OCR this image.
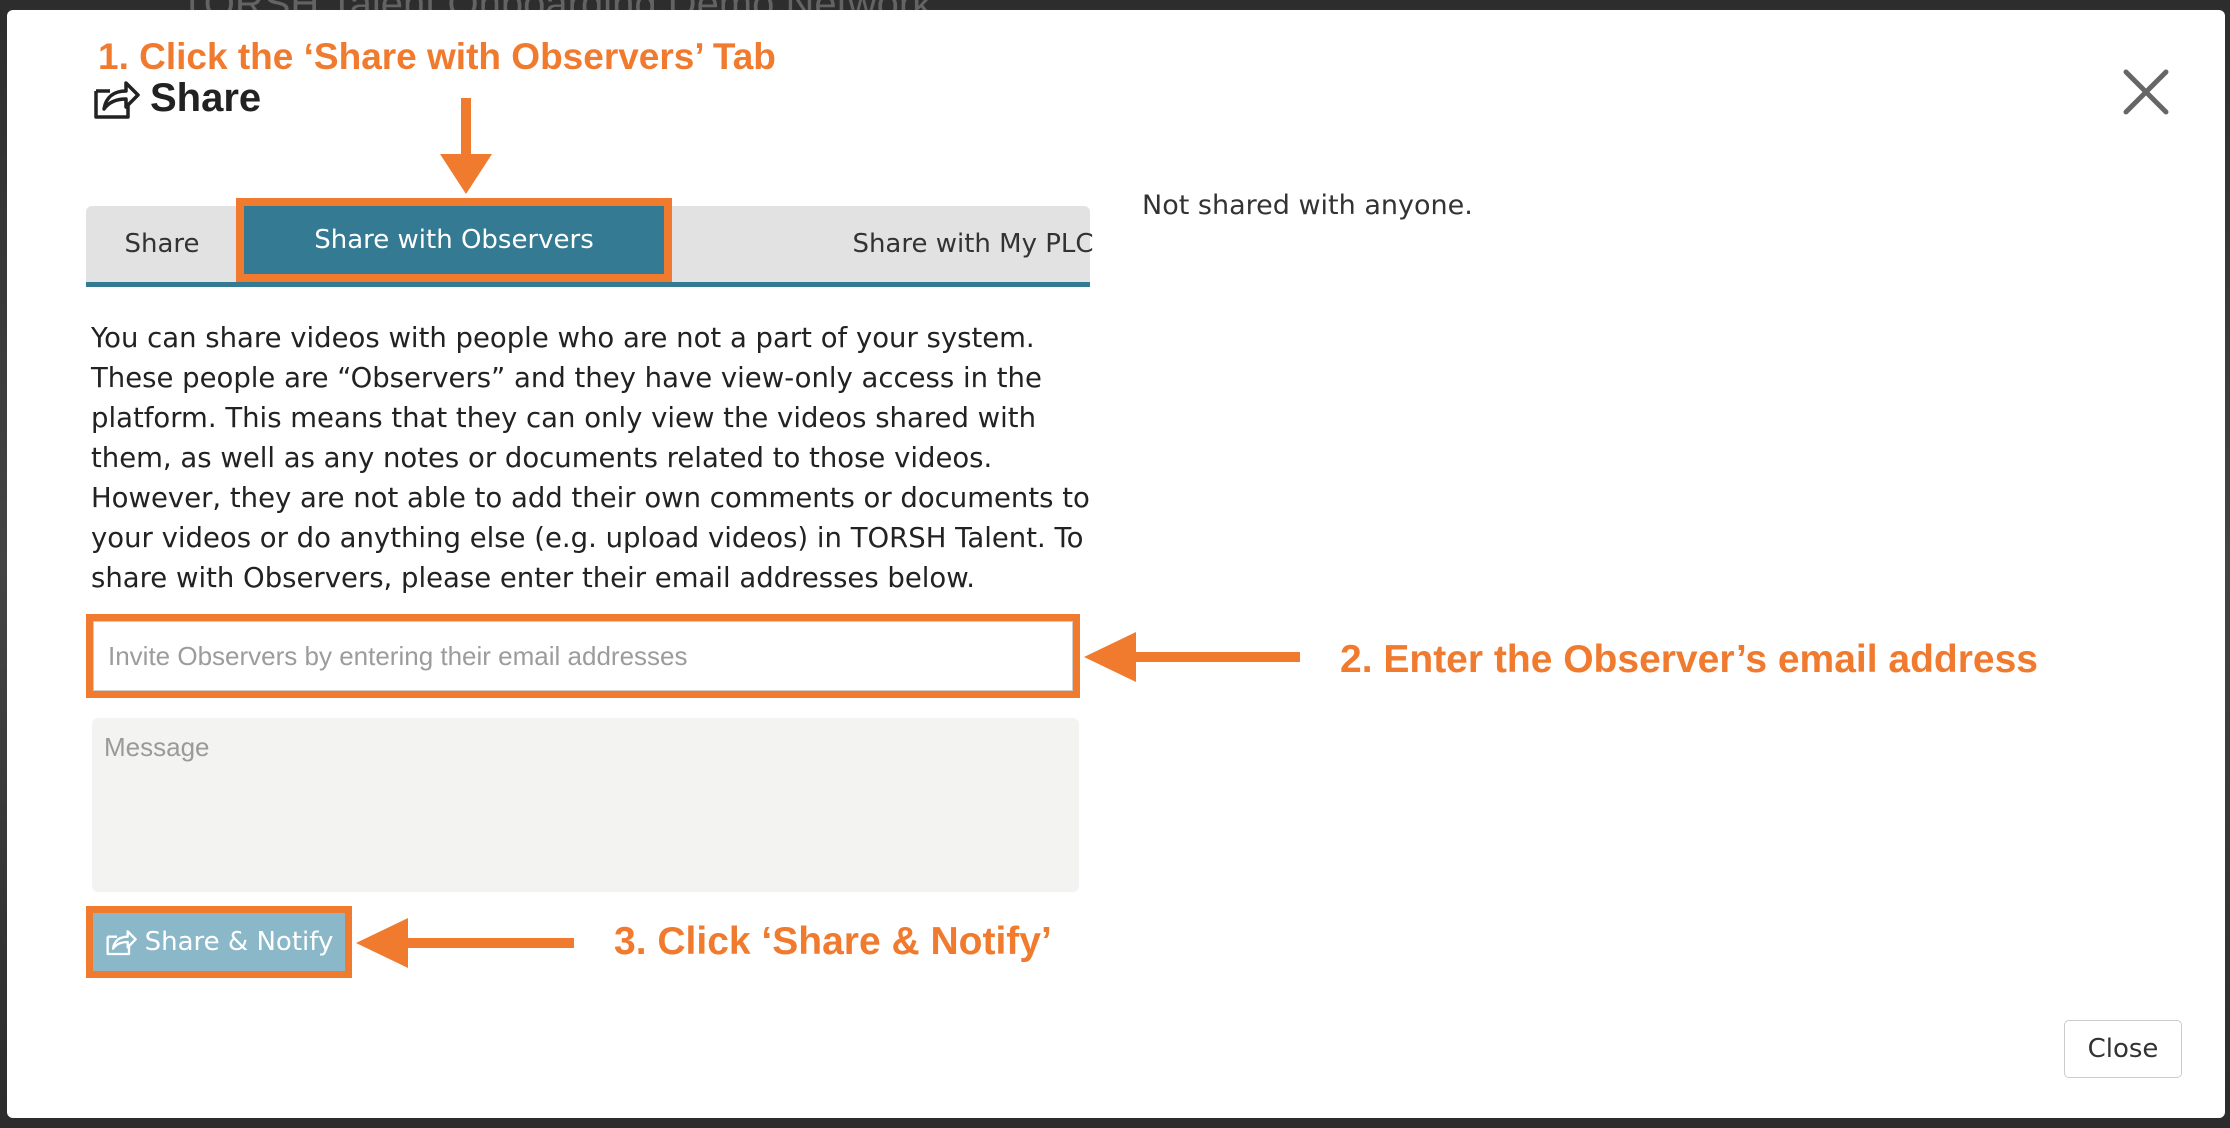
Share
1. Click the ‘Share with Observers’ Tab
Share	Share with Observers	Share with My PLC
Not shared with anyone.
You can share videos with people who are not a part of your system. These people are “Observers” and they have view-only access in the platform. This means that they can only view the videos shared with them, as well as any notes or documents related to those videos. However, they are not able to add their own comments or documents to your videos or do anything else (e.g. upload videos) in TORSH Talent. To share with Observers, please enter their email addresses below.
Invite Observers by entering their email addresses
2. Enter the Observer’s email address
Message
Share & Notify	3. Click ‘Share & Notify’
Close
